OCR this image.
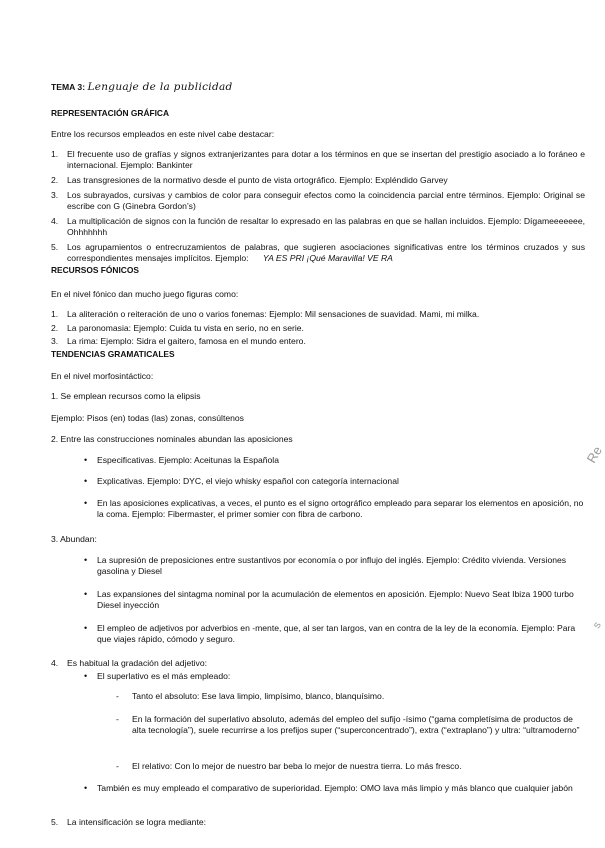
TEMA 3: Lenguaje de la publicidad
REPRESENTACIÓN GRÁFICA
Entre los recursos empleados en este nivel cabe destacar:
1.	El frecuente uso de grafías y signos extranjerizantes para dotar a los términos en que se insertan del prestigio asociado a lo foráneo e internacional. Ejemplo: Bankinter
2.	Las transgresiones de la normativo desde el punto de vista ortográfico. Ejemplo: Expléndido Garvey
3.	Los subrayados, cursivas y cambios de color para conseguir efectos como la coincidencia parcial entre términos. Ejemplo: Original se escribe con G (Ginebra Gordon’s)
4.	La multiplicación de signos con la función de resaltar lo expresado en las palabras en que se hallan incluidos. Ejemplo: Dígameeeeeee, Ohhhhhhh
5.	Los agrupamientos o entrecruzamientos de palabras, que sugieren asociaciones significativas entre los términos cruzados y sus correspondientes mensajes implícitos. Ejemplo: YA ES PRI ¡Qué Maravilla! VE RA
RECURSOS FÓNICOS
En el nivel fónico dan mucho juego figuras como:
1.	La aliteración o reiteración de uno o varios fonemas: Ejemplo: Mil sensaciones de suavidad. Mami, mi milka.
2.	La paronomasia: Ejemplo: Cuida tu vista en serio, no en serie.
3.	La rima: Ejemplo: Sidra el gaitero, famosa en el mundo entero.
TENDENCIAS GRAMATICALES
En el nivel morfosintáctico:
1. Se emplean recursos como la elipsis
Ejemplo: Pisos (en) todas (las) zonas, consúltenos
2. Entre las construcciones nominales abundan las aposiciones
•	Especificativas. Ejemplo: Aceitunas la Española
•	Explicativas. Ejemplo: DYC, el viejo whisky español con categoría internacional
•	En las aposiciones explicativas, a veces, el punto es el signo ortográfico empleado para separar los elementos en aposición, no la coma. Ejemplo: Fibermaster, el primer somier con fibra de carbono.
3. Abundan:
•	La supresión de preposiciones entre sustantivos por economía o por influjo del inglés. Ejemplo: Crédito vivienda. Versiones gasolina y Diesel
•	Las expansiones del sintagma nominal por la acumulación de elementos en aposición. Ejemplo: Nuevo Seat Ibiza 1900 turbo Diesel inyección
•	El empleo de adjetivos por adverbios en -mente, que, al ser tan largos, van en contra de la ley de la economía. Ejemplo: Para que viajes rápido, cómodo y seguro.
4.	Es habitual la gradación del adjetivo:
•	El superlativo es el más empleado:
-	Tanto el absoluto: Ese lava limpio, limpísimo, blanco, blanquísimo.
-	En la formación del superlativo absoluto, además del empleo del sufijo -ísimo (“gama completísima de productos de alta tecnología”), suele recurrirse a los prefijos super (“superconcentrado”), extra (“extraplano”) y ultra: “ultramoderno”
-	El relativo: Con lo mejor de nuestro bar beba lo mejor de nuestra tierra. Lo más fresco.
•	También es muy empleado el comparativo de superioridad. Ejemplo: OMO lava más limpio y más blanco que cualquier jabón
5.	La intensificación se logra mediante:
Re
s
